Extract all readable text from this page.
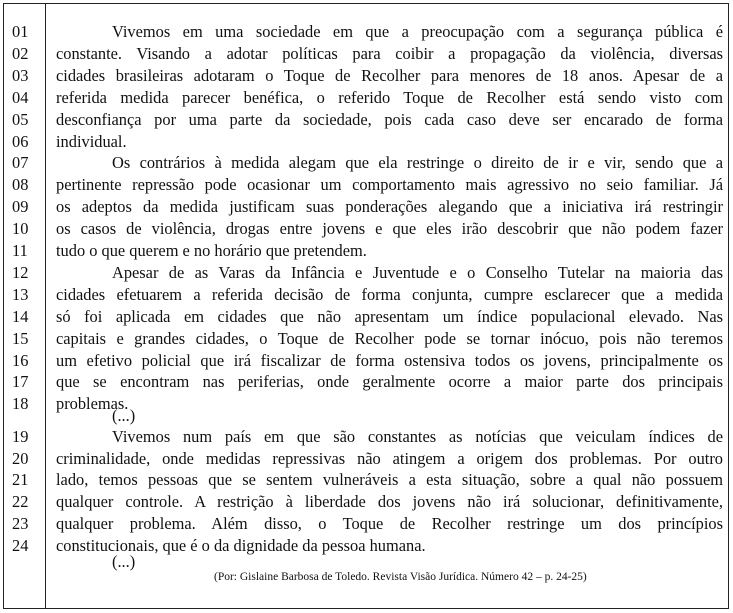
01	Vivemos em uma sociedade em que a preocupação com a segurança pública é
02	constante. Visando a adotar políticas para coibir a propagação da violência, diversas
03	cidades brasileiras adotaram o Toque de Recolher para menores de 18 anos. Apesar de a
04	referida medida parecer benéfica, o referido Toque de Recolher está sendo visto com
05	desconfiança por uma parte da sociedade, pois cada caso deve ser encarado de forma
06	individual.
07	Os contrários à medida alegam que ela restringe o direito de ir e vir, sendo que a
08	pertinente repressão pode ocasionar um comportamento mais agressivo no seio familiar. Já
09	os adeptos da medida justificam suas ponderações alegando que a iniciativa irá restringir
10	os casos de violência, drogas entre jovens e que eles irão descobrir que não podem fazer
11	tudo o que querem e no horário que pretendem.
12	Apesar de as Varas da Infância e Juventude e o Conselho Tutelar na maioria das
13	cidades efetuarem a referida decisão de forma conjunta, cumpre esclarecer que a medida
14	só foi aplicada em cidades que não apresentam um índice populacional elevado. Nas
15	capitais e grandes cidades, o Toque de Recolher pode se tornar inócuo, pois não teremos
16	um efetivo policial que irá fiscalizar de forma ostensiva todos os jovens, principalmente os
17	que se encontram nas periferias, onde geralmente ocorre a maior parte dos principais
18	problemas.
19	Vivemos num país em que são constantes as notícias que veiculam índices de
20	criminalidade, onde medidas repressivas não atingem a origem dos problemas. Por outro
21	lado, temos pessoas que se sentem vulneráveis a esta situação, sobre a qual não possuem
22	qualquer controle. A restrição à liberdade dos jovens não irá solucionar, definitivamente,
23	qualquer problema. Além disso, o Toque de Recolher restringe um dos princípios
24	constitucionais, que é o da dignidade da pessoa humana.
(...)
(...)
(Por: Gislaine Barbosa de Toledo. Revista Visão Jurídica. Número 42 – p. 24-25)
